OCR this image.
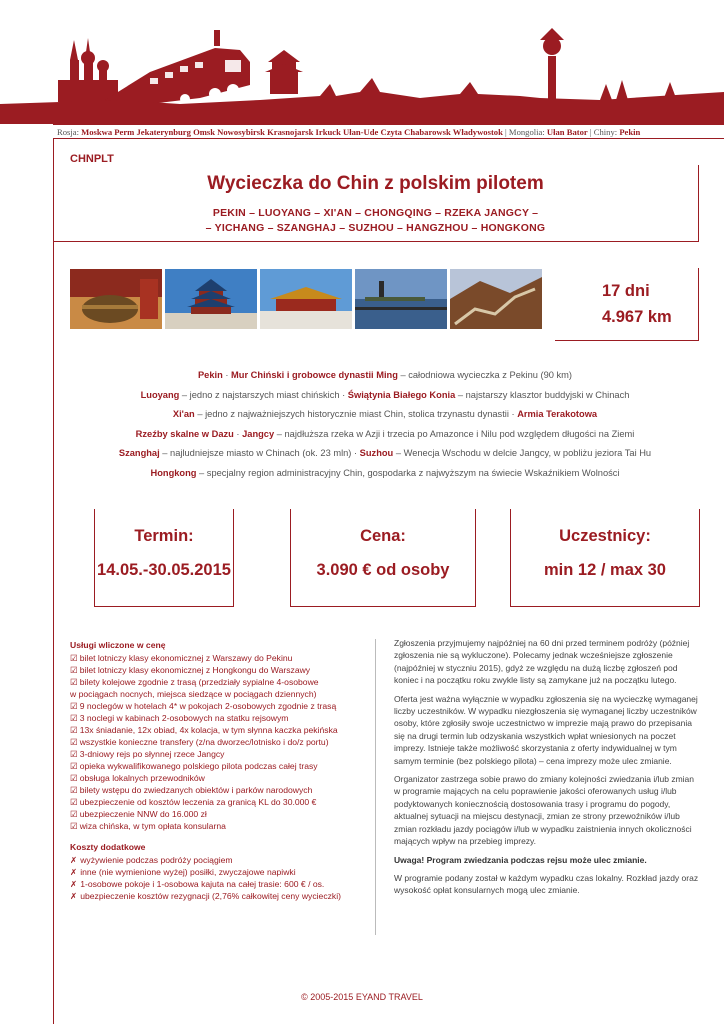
Rosja: Moskwa Perm Jekaterynburg Omsk Nowosybirsk Krasnojarsk Irkuck Ułan-Ude Czyta Chabarowsk Władywostok | Mongolia: Ułan Bator | Chiny: Pekin
CHNPLT
Wycieczka do Chin z polskim pilotem
PEKIN – LUOYANG – XI'AN – CHONGQING – RZEKA JANGCY –
– YICHANG – SZANGHAJ – SUZHOU – HANGZHOU – HONGKONG
17 dni
4.967 km
Pekin · Mur Chiński i grobowce dynastii Ming – całodniowa wycieczka z Pekinu (90 km)
Luoyang – jedno z najstarszych miast chińskich · Świątynia Białego Konia – najstarszy klasztor buddyjski w Chinach
Xi'an – jedno z najważniejszych historycznie miast Chin, stolica trzynastu dynastii · Armia Terakotowa
Rzeźby skalne w Dazu · Jangcy – najdłuższa rzeka w Azji i trzecia po Amazonce i Nilu pod względem długości na Ziemi
Szanghaj – najludniejsze miasto w Chinach (ok. 23 mln) · Suzhou – Wenecja Wschodu w delcie Jangcy, w pobliżu jeziora Tai Hu
Hongkong – specjalny region administracyjny Chin, gospodarka z najwyższym na świecie Wskaźnikiem Wolności
Termin:
14.05.-30.05.2015
Cena:
3.090 € od osoby
Uczestnicy:
min 12 / max 30
Usługi wliczone w cenę
☑ bilet lotniczy klasy ekonomicznej z Warszawy do Pekinu
☑ bilet lotniczy klasy ekonomicznej z Hongkongu do Warszawy
☑ bilety kolejowe zgodnie z trasą (przedziały sypialne 4-osobowe
w pociągach nocnych, miejsca siedzące w pociągach dziennych)
☑ 9 noclegów w hotelach 4* w pokojach 2-osobowych zgodnie z trasą
☑ 3 noclegi w kabinach 2-osobowych na statku rejsowym
☑ 13x śniadanie, 12x obiad, 4x kolacja, w tym słynna kaczka pekińska
☑ wszystkie konieczne transfery (z/na dworzec/lotnisko i do/z portu)
☑ 3-dniowy rejs po słynnej rzece Jangcy
☑ opieka wykwalifikowanego polskiego pilota podczas całej trasy
☑ obsługa lokalnych przewodników
☑ bilety wstępu do zwiedzanych obiektów i parków narodowych
☑ ubezpieczenie od kosztów leczenia za granicą KL do 30.000 €
☑ ubezpieczenie NNW do 16.000 zł
☑ wiza chińska, w tym opłata konsularna
Koszty dodatkowe
✗ wyżywienie podczas podróży pociągiem
✗ inne (nie wymienione wyżej) posiłki, zwyczajowe napiwki
✗ 1-osobowe pokoje i 1-osobowa kajuta na całej trasie: 600 € / os.
✗ ubezpieczenie kosztów rezygnacji (2,76% całkowitej ceny wycieczki)

Zgłoszenia przyjmujemy najpóźniej na 60 dni przed terminem podróży (później zgłoszenia nie są wykluczone). Polecamy jednak wcześniejsze zgłoszenie (najpóźniej w styczniu 2015), gdyż ze względu na dużą liczbę zgłoszeń pod koniec i na początku roku zwykle listy są zamykane już na początku lutego.

Oferta jest ważna wyłącznie w wypadku zgłoszenia się na wycieczkę wymaganej liczby uczestników. W wypadku niezgłoszenia się wymaganej liczby uczestników osoby, które zgłosiły swoje uczestnictwo w imprezie mają prawo do przepisania się na drugi termin lub odzyskania wszystkich wpłat wniesionych na poczet imprezy. Istnieje także możliwość skorzystania z oferty indywidualnej w tym samym terminie (bez polskiego pilota) – cena imprezy może ulec zmianie.

Organizator zastrzega sobie prawo do zmiany kolejności zwiedzania i/lub zmian w programie mających na celu poprawienie jakości oferowanych usług i/lub podyktowanych koniecznością dostosowania trasy i programu do pogody, aktualnej sytuacji na miejscu destynacji, zmian ze strony przewoźników i/lub zmian rozkładu jazdy pociągów i/lub w wypadku zaistnienia innych okoliczności mających wpływ na przebieg imprezy.

Uwaga! Program zwiedzania podczas rejsu może ulec zmianie.

W programie podany został w każdym wypadku czas lokalny. Rozkład jazdy oraz wysokość opłat konsularnych mogą ulec zmianie.

© 2005-2015 EYAND TRAVEL
